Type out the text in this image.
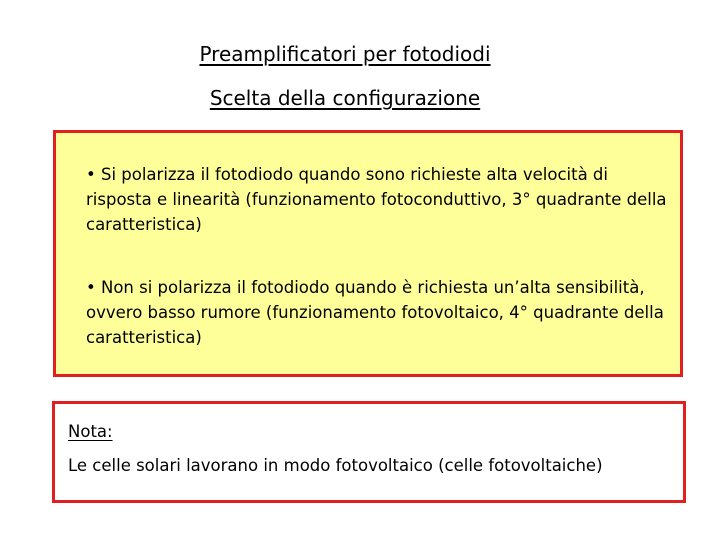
Preamplificatori per fotodiodi
Scelta della configurazione

• Si polarizza il fotodiodo quando sono richieste alta velocità di risposta e linearità (funzionamento fotoconduttivo, 3° quadrante della caratteristica)

• Non si polarizza il fotodiodo quando è richiesta un’alta sensibilità, ovvero basso rumore (funzionamento fotovoltaico, 4° quadrante della caratteristica)

Nota:
Le celle solari lavorano in modo fotovoltaico (celle fotovoltaiche)
